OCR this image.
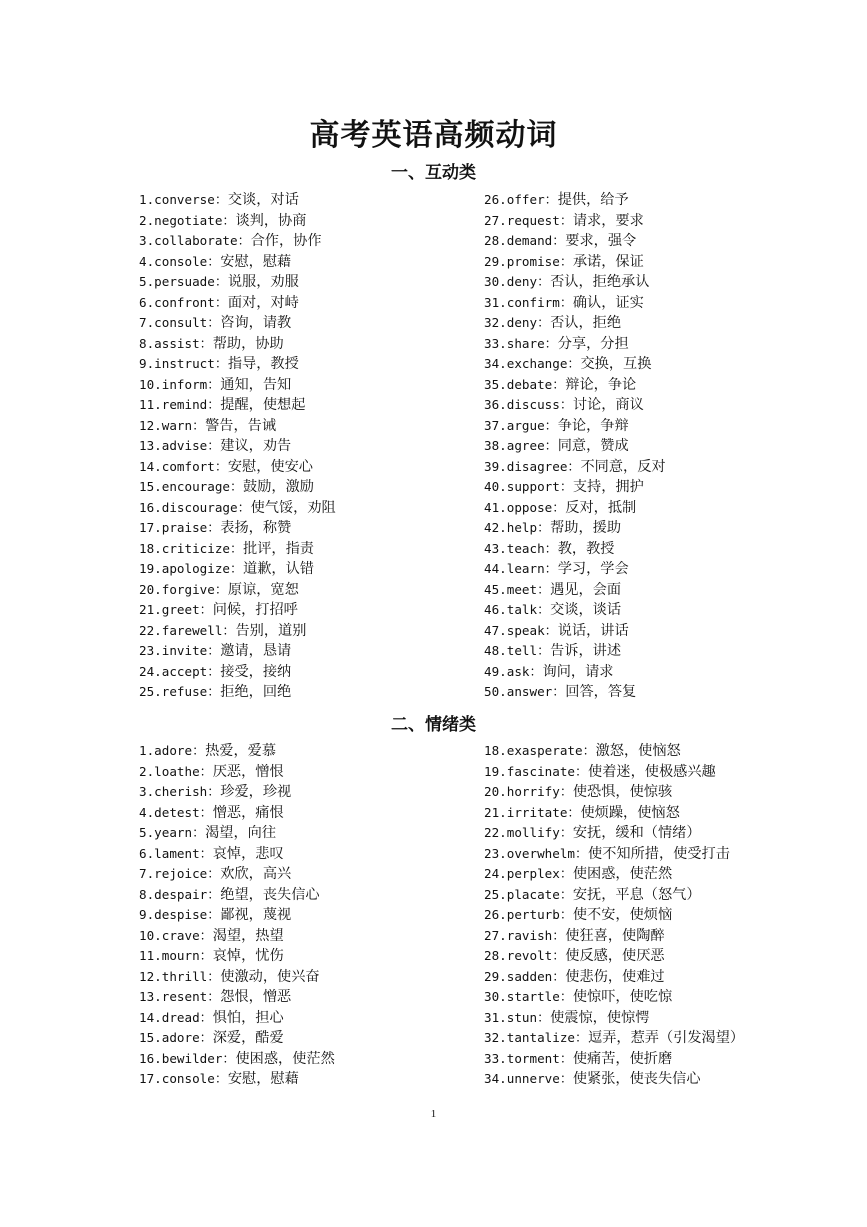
高考英语高频动词
一、互动类
1.converse：交谈，对话
2.negotiate：谈判，协商
3.collaborate：合作，协作
4.console：安慰，慰藉
5.persuade：说服，劝服
6.confront：面对，对峙
7.consult：咨询，请教
8.assist：帮助，协助
9.instruct：指导，教授
10.inform：通知，告知
11.remind：提醒，使想起
12.warn：警告，告诫
13.advise：建议，劝告
14.comfort：安慰，使安心
15.encourage：鼓励，激励
16.discourage：使气馁，劝阻
17.praise：表扬，称赞
18.criticize：批评，指责
19.apologize：道歉，认错
20.forgive：原谅，宽恕
21.greet：问候，打招呼
22.farewell：告别，道别
23.invite：邀请，恳请
24.accept：接受，接纳
25.refuse：拒绝，回绝
26.offer：提供，给予
27.request：请求，要求
28.demand：要求，强令
29.promise：承诺，保证
30.deny：否认，拒绝承认
31.confirm：确认，证实
32.deny：否认，拒绝
33.share：分享，分担
34.exchange：交换，互换
35.debate：辩论，争论
36.discuss：讨论，商议
37.argue：争论，争辩
38.agree：同意，赞成
39.disagree：不同意，反对
40.support：支持，拥护
41.oppose：反对，抵制
42.help：帮助，援助
43.teach：教，教授
44.learn：学习，学会
45.meet：遇见，会面
46.talk：交谈，谈话
47.speak：说话，讲话
48.tell：告诉，讲述
49.ask：询问，请求
50.answer：回答，答复
二、情绪类
1.adore：热爱，爱慕
2.loathe：厌恶，憎恨
3.cherish：珍爱，珍视
4.detest：憎恶，痛恨
5.yearn：渴望，向往
6.lament：哀悼，悲叹
7.rejoice：欢欣，高兴
8.despair：绝望，丧失信心
9.despise：鄙视，蔑视
10.crave：渴望，热望
11.mourn：哀悼，忧伤
12.thrill：使激动，使兴奋
13.resent：怨恨，憎恶
14.dread：惧怕，担心
15.adore：深爱，酷爱
16.bewilder：使困惑，使茫然
17.console：安慰，慰藉
18.exasperate：激怒，使恼怒
19.fascinate：使着迷，使极感兴趣
20.horrify：使恐惧，使惊骇
21.irritate：使烦躁，使恼怒
22.mollify：安抚，缓和（情绪）
23.overwhelm：使不知所措，使受打击
24.perplex：使困惑，使茫然
25.placate：安抚，平息（怒气）
26.perturb：使不安，使烦恼
27.ravish：使狂喜，使陶醉
28.revolt：使反感，使厌恶
29.sadden：使悲伤，使难过
30.startle：使惊吓，使吃惊
31.stun：使震惊，使惊愕
32.tantalize：逗弄，惹弄（引发渴望）
33.torment：使痛苦，使折磨
34.unnerve：使紧张，使丧失信心
1
